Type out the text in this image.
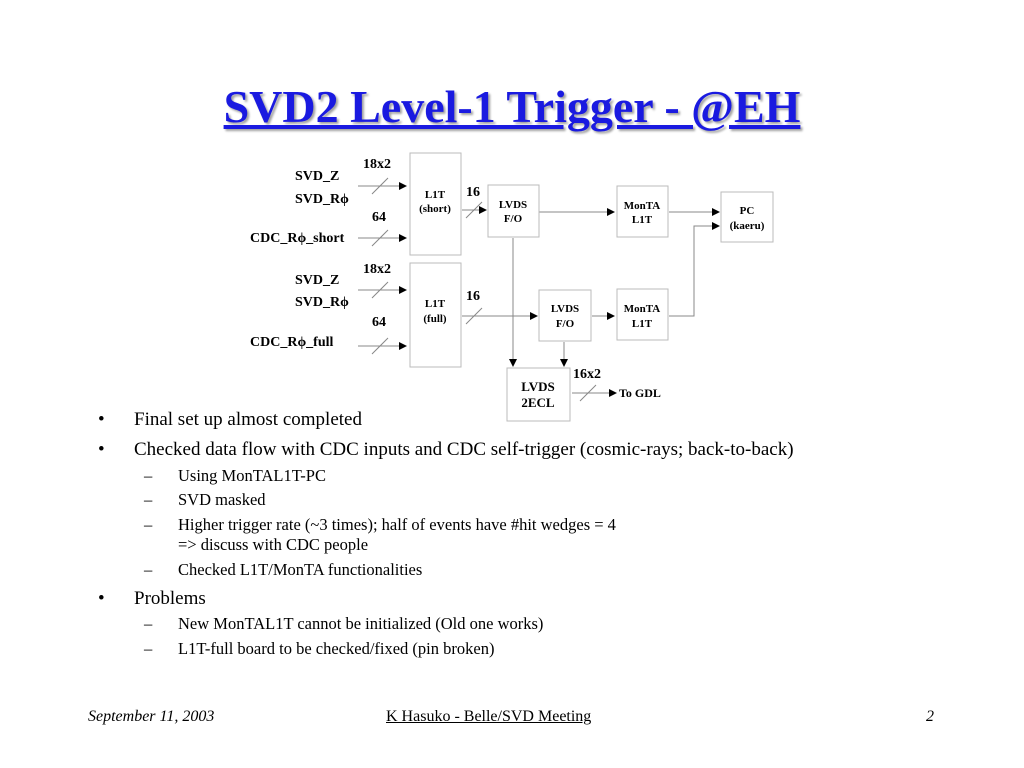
SVD2 Level-1 Trigger - @EH
SVD_Z
SVD_Rϕ
CDC_Rϕ_short
18x2
64
16
SVD_Z
SVD_Rϕ
CDC_Rϕ_full
18x2
64
16
16x2
L1T
(short)	LVDS
F/O
MonTA
L1T
PC
(kaeru)
L1T
(full)
LVDS
F/O
MonTA
L1T
LVDS
2ECL
To GDL
• Final set up almost completed
• Checked data flow with CDC inputs and CDC self-trigger (cosmic-rays; back-to-back)
– Using MonTAL1T-PC
– SVD masked
– Higher trigger rate (~3 times); half of events have #hit wedges = 4
=> discuss with CDC people
– Checked L1T/MonTA functionalities
• Problems
– New MonTAL1T cannot be initialized (Old one works)
– L1T-full board to be checked/fixed (pin broken)
September 11, 2003	K Hasuko - Belle/SVD Meeting	2
